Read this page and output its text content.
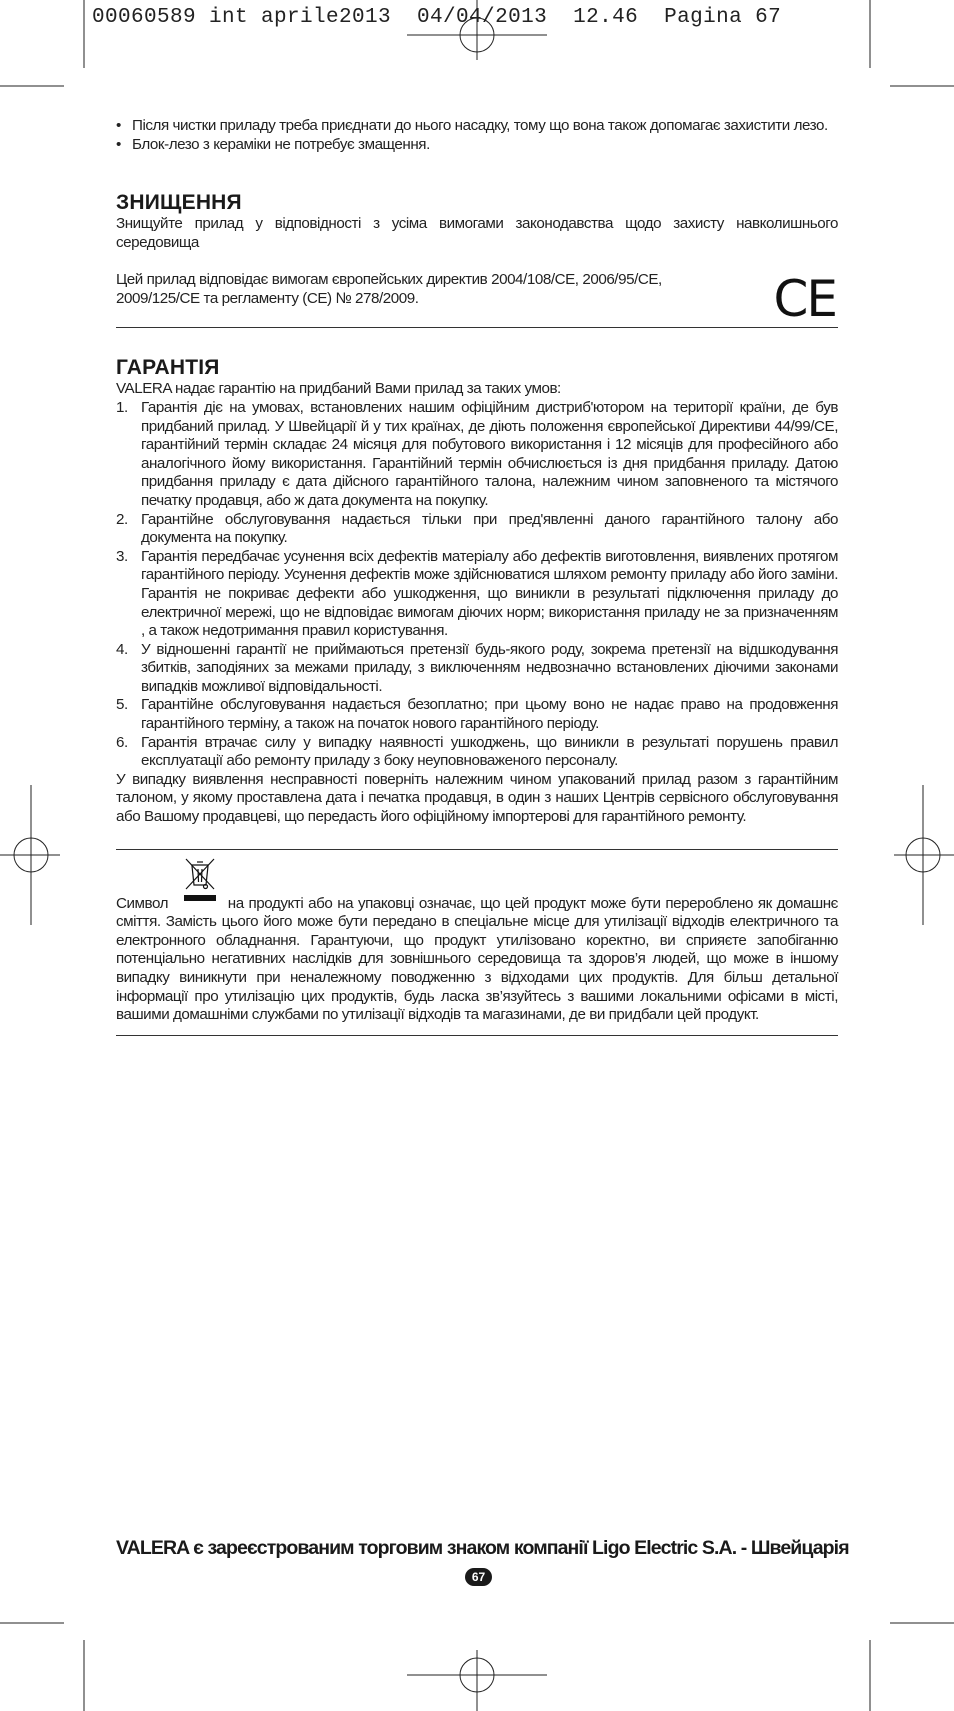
00060589 int aprile2013  04/04/2013  12.46  Pagina 67
• Після чистки приладу треба приєднати до нього насадку, тому що вона також допомагає захистити лезо.
• Блок-лезо з кераміки не потребує змащення.
ЗНИЩЕННЯ

Знищуйте прилад у відповідності з усіма вимогами законодавства щодо захисту навколишнього середовища

Цей прилад відповідає вимогам європейських директив 2004/108/CE, 2006/95/CE, 2009/125/CE та регламенту (CE) № 278/2009.	CE
ГАРАНТІЯ

VALERA надає гарантію на придбаний Вами прилад за таких умов:

1. Гарантія діє на умовах, встановлених нашим офіційним дистриб'ютором на території країни, де був придбаний прилад. У Швейцарії й у тих країнах, де діють положення європейської Директиви 44/99/CE, гарантійний термін складає 24 місяця для побутового використання і 12 місяців для професійного або аналогічного йому використання. Гарантійний термін обчислюється із дня придбання приладу. Датою придбання приладу є дата дійсного гарантійного талона, належним чином заповненого та містячого печатку продавця, або ж дата документа на покупку.
2. Гарантійне обслуговування надається тільки при пред'явленні даного гарантійного талону або документа на покупку.
3. Гарантія передбачає усунення всіх дефектів матеріалу або дефектів виготовлення, виявлених протягом гарантійного періоду. Усунення дефектів може здійснюватися шляхом ремонту приладу або його заміни. Гарантія не покриває дефекти або ушкодження, що виникли в результаті підключення приладу до електричної мережі, що не відповідає вимогам діючих норм; використання приладу не за призначенням , а також недотримання правил користування.
4. У відношенні гарантії не приймаються претензії будь-якого роду, зокрема претензії на відшкодування збитків, заподіяних за межами приладу, з виключенням недвозначно встановлених діючими законами випадків можливої відповідальності.
5. Гарантійне обслуговування надається безоплатно; при цьому воно не надає право на продовження гарантійного терміну, а також на початок нового гарантійного періоду.
6. Гарантія втрачає силу у випадку наявності ушкоджень, що виникли в результаті порушень правил експлуатації або ремонту приладу з боку неуповноваженого персоналу.

У випадку виявлення несправності поверніть належним чином упакований прилад разом з гарантійним талоном, у якому проставлена дата і печатка продавця, в один з наших Центрів сервісного обслуговування або Вашому продавцеві, що передасть його офіційному імпортерові для гарантійного ремонту.

Символ	на продукті або на упаковці означає, що цей продукт може бути перероблено як домашнє сміття. Замість цього його може бути передано в спеціальне місце для утилізації відходів електричного та електронного обладнання. Гарантуючи, що продукт утилізовано коректно, ви сприяєте запобіганню потенціально негативних наслідків для зовнішнього середовища та здоров’я людей, що може в іншому випадку виникнути при неналежному поводженню з відходами цих продуктів. Для більш детальної інформації про утилізацію цих продуктів, будь ласка зв’язуйтесь з вашими локальними офісами в місті, вашими домашніми службами по утилізації відходів та магазинами, де ви придбали цей продукт.

VALERA є зареєстрованим торговим знаком компанії Ligo Electric S.A. - Швейцарія
67
